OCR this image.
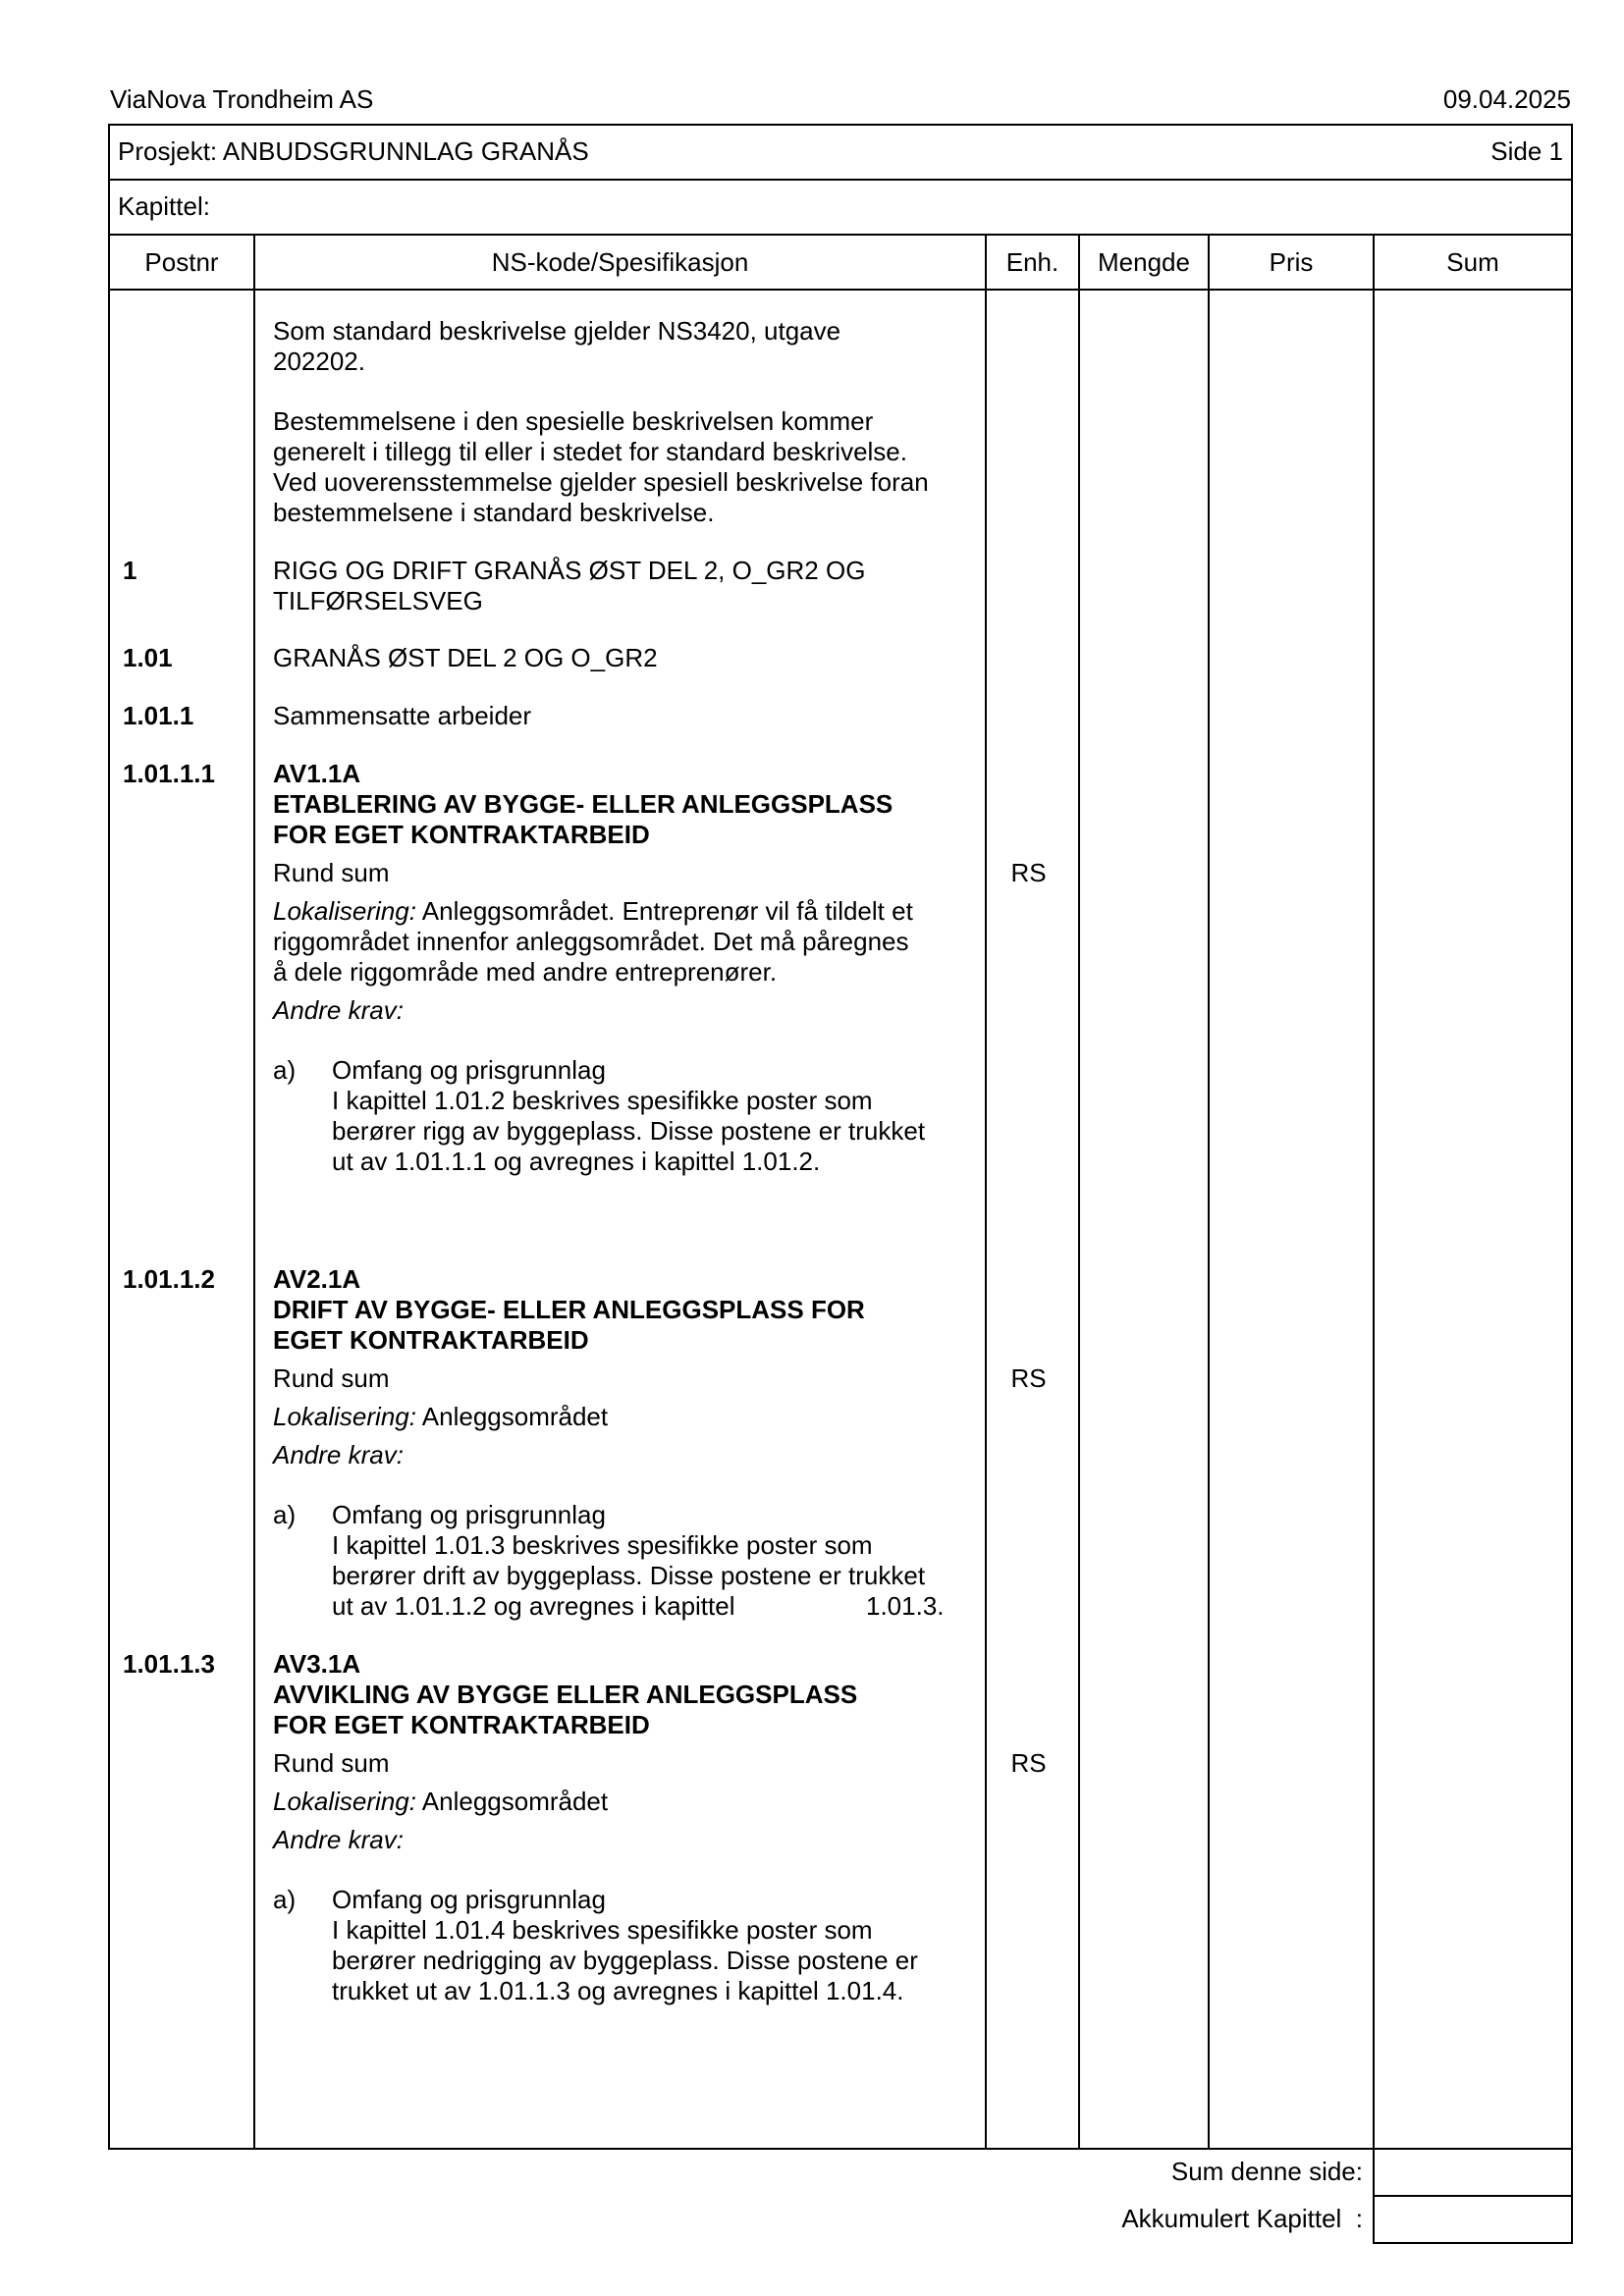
ViaNova Trondheim AS	09.04.2025
Prosjekt: ANBUDSGRUNNLAG GRANÅS	Side 1
Kapittel:
Postnr	NS-kode/Spesifikasjon	Enh.	Mengde	Pris	Sum
Som standard beskrivelse gjelder NS3420, utgave
202202.
Bestemmelsene i den spesielle beskrivelsen kommer
generelt i tillegg til eller i stedet for standard beskrivelse.
Ved uoverensstemmelse gjelder spesiell beskrivelse foran
bestemmelsene i standard beskrivelse.
1	RIGG OG DRIFT GRANÅS ØST DEL 2, O_GR2 OG
TILFØRSELSVEG
1.01	GRANÅS ØST DEL 2 OG O_GR2
1.01.1	Sammensatte arbeider
1.01.1.1	AV1.1A
ETABLERING AV BYGGE- ELLER ANLEGGSPLASS
FOR EGET KONTRAKTARBEID
Rund sum	RS
Lokalisering: Anleggsområdet. Entreprenør vil få tildelt et
riggområdet innenfor anleggsområdet. Det må påregnes
å dele riggområde med andre entreprenører.
Andre krav:
a) Omfang og prisgrunnlag
I kapittel 1.01.2 beskrives spesifikke poster som
berører rigg av byggeplass. Disse postene er trukket
ut av 1.01.1.1 og avregnes i kapittel 1.01.2.
1.01.1.2	AV2.1A
DRIFT AV BYGGE- ELLER ANLEGGSPLASS FOR
EGET KONTRAKTARBEID
Rund sum	RS
Lokalisering: Anleggsområdet
Andre krav:
a) Omfang og prisgrunnlag
I kapittel 1.01.3 beskrives spesifikke poster som
berører drift av byggeplass. Disse postene er trukket
ut av 1.01.1.2 og avregnes i kapittel	1.01.3.
1.01.1.3	AV3.1A
AVVIKLING AV BYGGE ELLER ANLEGGSPLASS
FOR EGET KONTRAKTARBEID
Rund sum	RS
Lokalisering: Anleggsområdet
Andre krav:
a) Omfang og prisgrunnlag
I kapittel 1.01.4 beskrives spesifikke poster som
berører nedrigging av byggeplass. Disse postene er
trukket ut av 1.01.1.3 og avregnes i kapittel 1.01.4.
Sum denne side:
Akkumulert Kapittel  :
